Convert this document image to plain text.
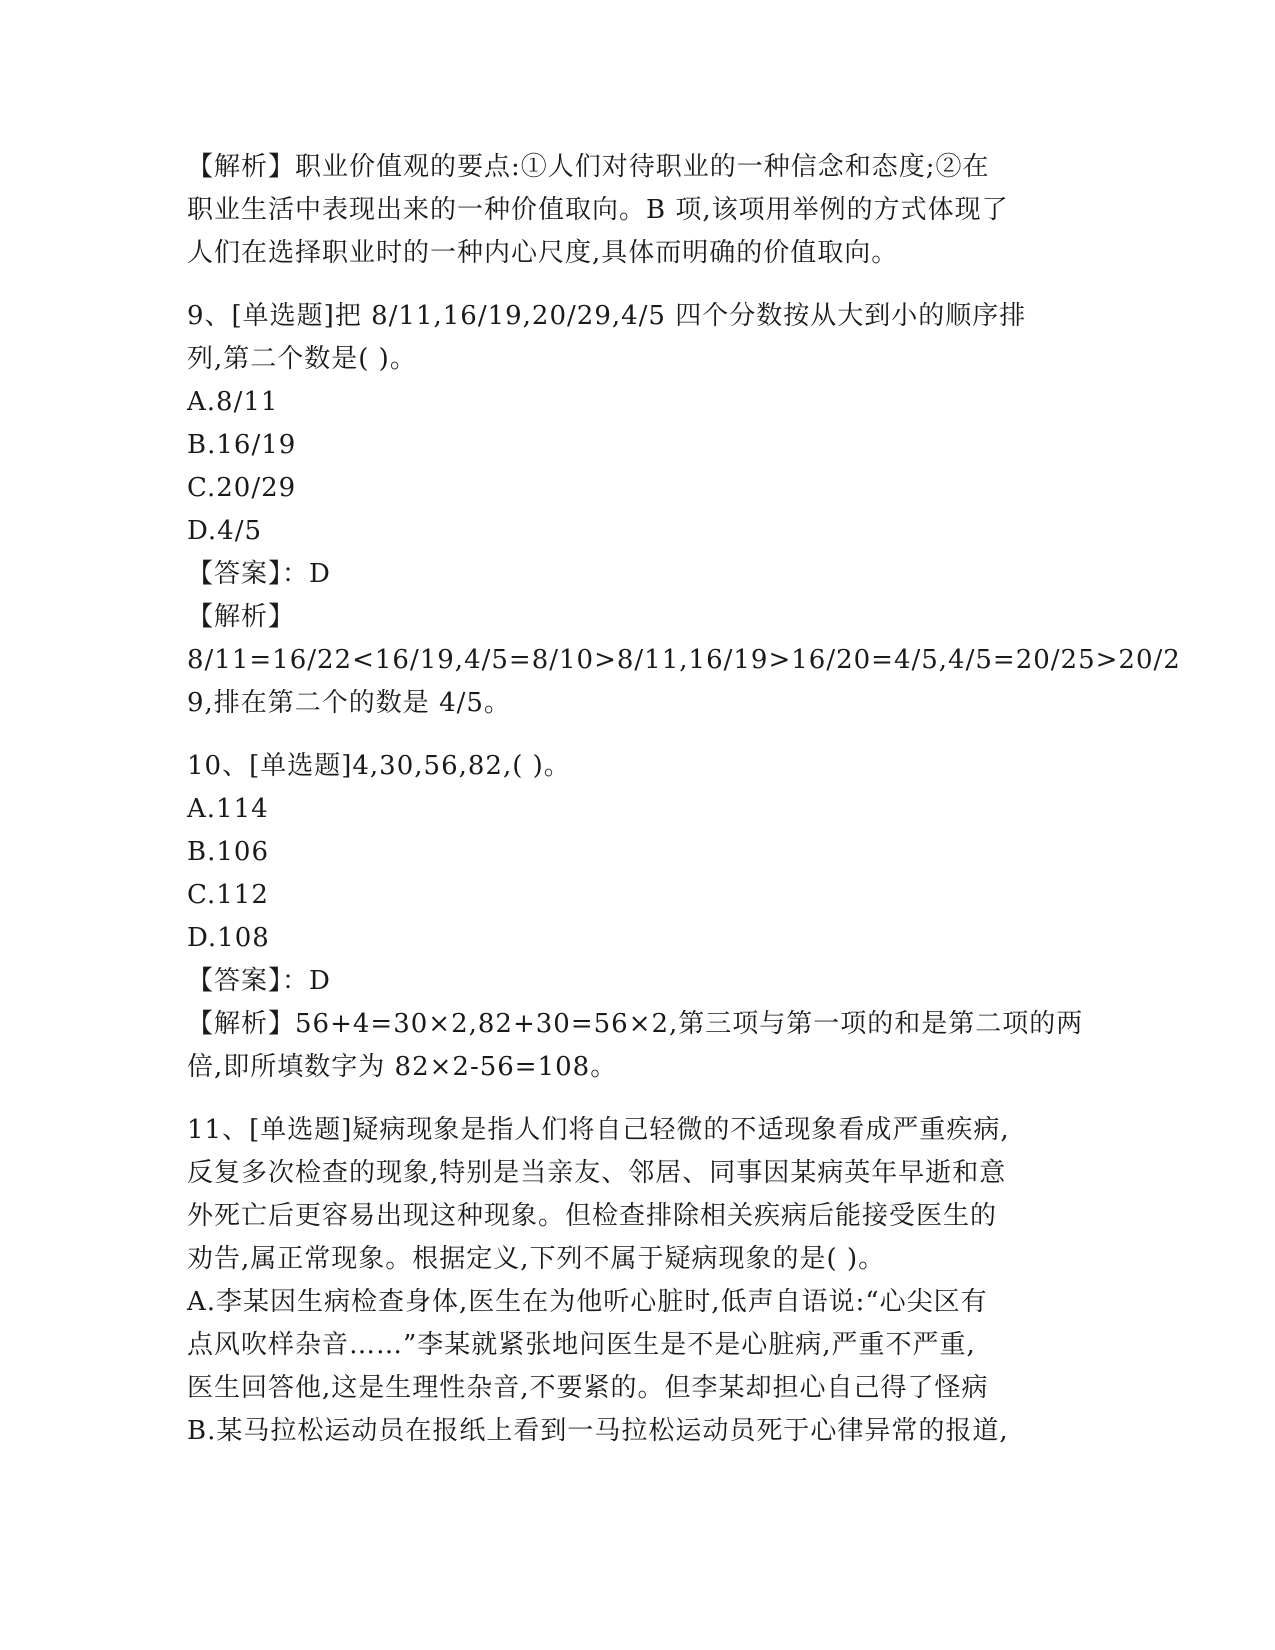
【解析】职业价值观的要点:①人们对待职业的一种信念和态度;②在
职业生活中表现出来的一种价值取向。B 项,该项用举例的方式体现了
人们在选择职业时的一种内心尺度,具体而明确的价值取向。
9、[单选题]把 8/11,16/19,20/29,4/5 四个分数按从大到小的顺序排
列,第二个数是( )。
A.8/11
B.16/19
C.20/29
D.4/5
【答案】：D
【解析】
8/11=16/22<16/19,4/5=8/10>8/11,16/19>16/20=4/5,4/5=20/25>20/2
9,排在第二个的数是 4/5。
10、[单选题]4,30,56,82,( )。
A.114
B.106
C.112
D.108
【答案】：D
【解析】56+4=30×2,82+30=56×2,第三项与第一项的和是第二项的两
倍,即所填数字为 82×2-56=108。
11、[单选题]疑病现象是指人们将自己轻微的不适现象看成严重疾病,
反复多次检查的现象,特别是当亲友、邻居、同事因某病英年早逝和意
外死亡后更容易出现这种现象。但检查排除相关疾病后能接受医生的
劝告,属正常现象。根据定义,下列不属于疑病现象的是( )。
A.李某因生病检查身体,医生在为他听心脏时,低声自语说:“心尖区有
点风吹样杂音……”李某就紧张地问医生是不是心脏病,严重不严重,
医生回答他,这是生理性杂音,不要紧的。但李某却担心自己得了怪病
B.某马拉松运动员在报纸上看到一马拉松运动员死于心律异常的报道,
